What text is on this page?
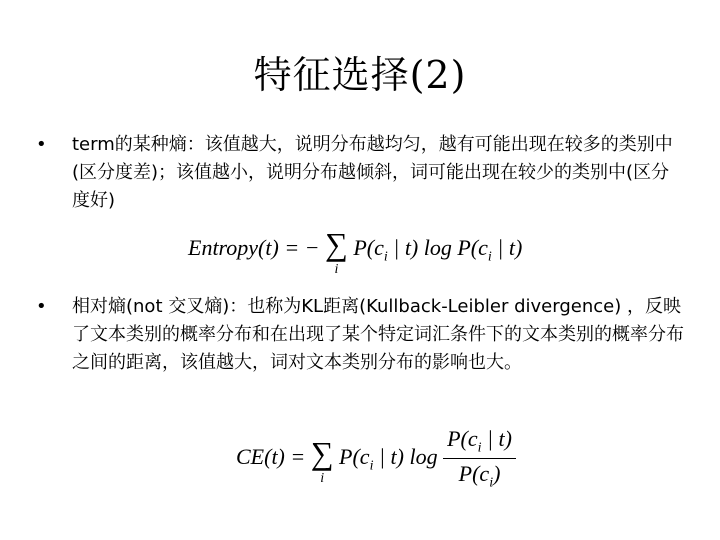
特征选择(2)
• term的某种熵：该值越大，说明分布越均匀，越有可能出现在较多的类别中(区分度差)；该值越小，说明分布越倾斜，词可能出现在较少的类别中(区分度好)
Entropy(t) = − ∑
i
$P(c_i$ | t) $\log P(c_i$ | t)
• 相对熵(not 交叉熵)：也称为KL距离(Kullback-Leibler divergence) ，反映了文本类别的概率分布和在出现了某个特定词汇条件下的文本类别的概率分布之间的距离，该值越大，词对文本类别分布的影响也大。
CE(t) = ∑
i
$P(c_i$ | t) $\log \frac{P(c_i | t)}{P(c_i)}$
